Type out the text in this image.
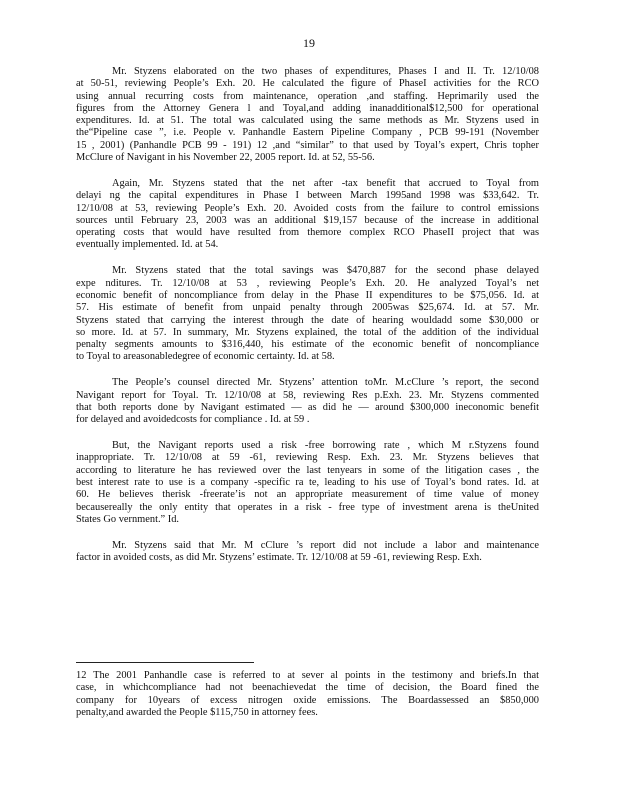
19

Mr. Styzens elaborated on the two phases of expenditures, Phases I and II. Tr. 12/10/08
at 50-51, reviewing People’s Exh. 20. He calculated the figure of PhaseI activities for the RCO
using annual recurring costs from maintenance, operation ,and staffing. Heprimarily used the
figures from the Attorney Genera l and Toyal,and adding inanadditional$12,500 for operational
expenditures. Id. at 51. The total was calculated using the same methods as Mr. Styzens used in
the“Pipeline case ”, i.e. People v. Panhandle Eastern Pipeline Company , PCB 99-191 (November
15 , 2001) (Panhandle PCB 99 - 191) 12 ,and “similar” to that used by Toyal’s expert, Chris topher
McClure of Navigant in his November 22, 2005 report. Id. at 52, 55-56.

Again, Mr. Styzens stated that the net after -tax benefit that accrued to Toyal from
delayi ng the capital expenditures in Phase I between March 1995and 1998 was $33,642. Tr.
12/10/08 at 53, reviewing People’s Exh. 20. Avoided costs from the failure to control emissions
sources until February 23, 2003 was an additional $19,157 because of the increase in additional
operating costs that would have resulted from themore complex RCO PhaseII project that was
eventually implemented. Id. at 54.

Mr. Styzens stated that the total savings was $470,887 for the second phase delayed
expe nditures. Tr. 12/10/08 at 53 , reviewing People’s Exh. 20. He analyzed Toyal’s net
economic benefit of noncompliance from delay in the Phase II expenditures to be $75,056. Id. at
57. His estimate of benefit from unpaid penalty through 2005was $25,674. Id. at 57. Mr.
Styzens stated that carrying the interest through the date of hearing wouldadd some $30,000 or
so more. Id. at 57. In summary, Mr. Styzens explained, the total of the addition of the individual
penalty segments amounts to $316,440, his estimate of the economic benefit of noncompliance
to Toyal to areasonabledegree of economic certainty. Id. at 58.

The People’s counsel directed Mr. Styzens’ attention toMr. M.cClure ’s report, the second
Navigant report for Toyal. Tr. 12/10/08 at 58, reviewing Res p.Exh. 23. Mr. Styzens commented
that both reports done by Navigant estimated — as did he — around $300,000 ineconomic benefit
for delayed and avoidedcosts for compliance . Id. at 59 .

But, the Navigant reports used a risk -free borrowing rate , which M r.Styzens found
inappropriate. Tr. 12/10/08 at 59 -61, reviewing Resp. Exh. 23. Mr. Styzens believes that
according to literature he has reviewed over the last tenyears in some of the litigation cases , the
best interest rate to use is a company -specific ra te, leading to his use of Toyal’s bond rates. Id. at
60. He believes therisk -freerate’is not an appropriate measurement of time value of money
becausereally the only entity that operates in a risk - free type of investment arena is theUnited
States Go vernment.” Id.

Mr. Styzens said that Mr. M cClure ’s report did not include a labor and maintenance
factor in avoided costs, as did Mr. Styzens’ estimate. Tr. 12/10/08 at 59 -61, reviewing Resp. Exh.

12 The 2001 Panhandle case is referred to at sever al points in the testimony and briefs.In that
case, in whichcompliance had not beenachievedat the time of decision, the Board fined the
company for 10years of excess nitrogen oxide emissions. The Boardassessed an $850,000
penalty,and awarded the People $115,750 in attorney fees.
